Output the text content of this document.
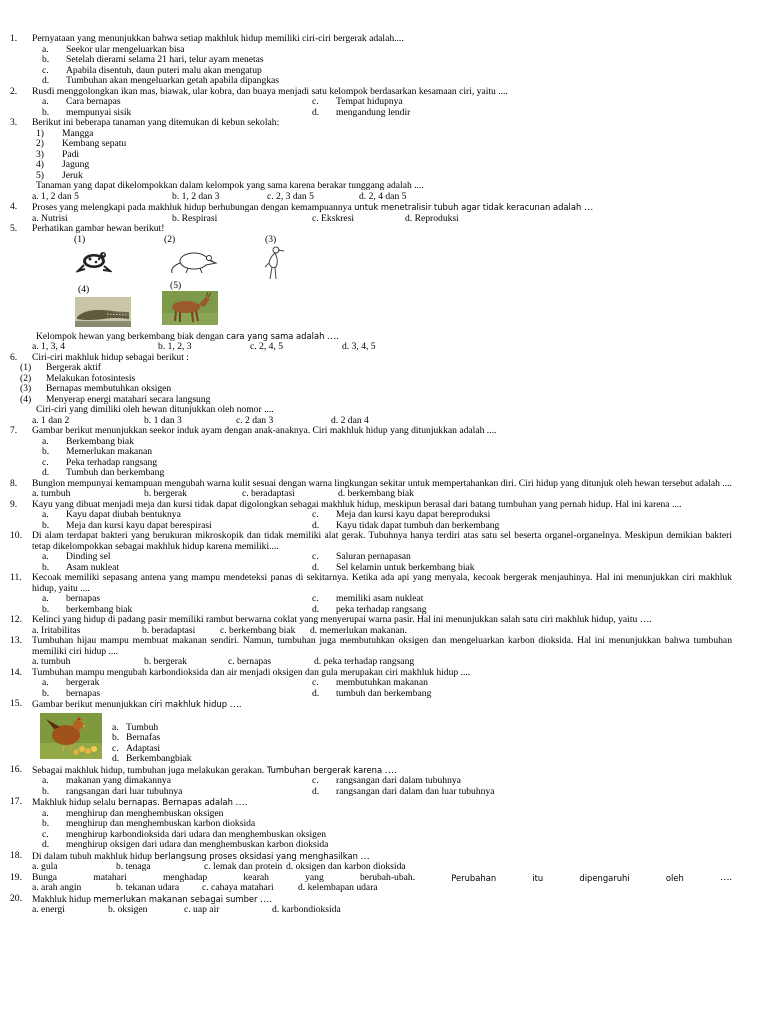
1.	Pernyataan yang menunjukkan bahwa setiap makhluk hidup memiliki ciri-ciri bergerak adalah....
a.	Seekor ular mengeluarkan bisa
b.	Setelah dierami selama 21 hari, telur ayam menetas
c.	Apabila disentuh, daun puteri malu akan mengatup
d.	Tumbuhan akan mengeluarkan getah apabila dipangkas
2.	Rusdi menggolongkan ikan mas, biawak, ular kobra, dan buaya menjadi satu kelompok berdasarkan kesamaan ciri, yaitu ....
a.	Cara bernapas	c.	Tempat hidupnya
b.	mempunyai sisik	d.	mengandung lendir
3.	Berikut ini beberapa tanaman yang ditemukan di kebun sekolah:
1)	Mangga
2)	Kembang sepatu
3)	Padi
4)	Jagung
5)	Jeruk
Tanaman yang dapat dikelompokkan dalam kelompok yang sama karena berakar tunggang adalah ....
a. 1, 2 dan 5	b. 1, 2 dan 3	c. 2, 3 dan 5	d. 2, 4 dan 5
4.	Proses yang melengkapi pada makhluk hidup berhubungan dengan kemampuannya untuk menetralisir tubuh agar tidak keracunan adalah …
a. Nutrisi	b. Respirasi	c. Ekskresi	d. Reproduksi
5.	Perhatikan gambar hewan berikut!
(1)	(2)	(3)
(4)	(5)
Kelompok hewan yang berkembang biak dengan cara yang sama adalah ….
a. 1, 3, 4	b. 1, 2, 3	c. 2, 4, 5	d. 3, 4, 5
6.	Ciri-ciri makhluk hidup sebagai berikut :
(1)	Bergerak aktif
(2)	Melakukan fotosintesis
(3)	Bernapas membutuhkan oksigen
(4)	Menyerap energi matahari secara langsung
Ciri-ciri yang dimiliki oleh hewan ditunjukkan oleh nomor ....
a. 1 dan 2	b. 1 dan 3	c. 2 dan 3	d. 2 dan 4
7.	Gambar berikut menunjukkan seekor induk ayam dengan anak-anaknya. Ciri makhluk hidup yang ditunjukkan adalah ....
a.	Berkembang biak
b.	Memerlukan makanan
c.	Peka terhadap rangsang
d.	Tumbuh dan berkembang
8.	Bunglon mempunyai kemampuan mengubah warna kulit sesuai dengan warna lingkungan sekitar untuk mempertahankan diri. Ciri hidup yang ditunjuk oleh hewan tersebut adalah ....
a. tumbuh	b. bergerak	c. beradaptasi	d. berkembang biak
9.	Kayu yang dibuat menjadi meja dan kursi tidak dapat digolongkan sebagai makhluk hidup, meskipun berasal dari batang tumbuhan yang pernah hidup. Hal ini karena ....
a.	Kayu dapat diubah bentuknya	c.	Meja dan kursi kayu dapat bereproduksi
b.	Meja dan kursi kayu dapat berespirasi	d.	Kayu tidak dapat tumbuh dan berkembang
10.	Di alam terdapat bakteri yang berukuran mikroskopik dan tidak memiliki alat gerak. Tubuhnya hanya terdiri atas satu sel beserta organel-organelnya. Meskipun demikian bakteri tetap dikelompokkan sebagai makhluk hidup karena memiliki....
a.	Dinding sel	c.	Saluran pernapasan
b.	Asam nukleat	d.	Sel kelamin untuk berkembang biak
11.	Kecoak memiliki sepasang antena yang mampu mendeteksi panas di sekitarnya. Ketika ada api yang menyala, kecoak bergerak menjauhinya. Hal ini menunjukkan ciri makhluk hidup, yaitu ....
a.	bernapas	c.	memiliki asam nukleat
b.	berkembang biak	d.	peka terhadap rangsang
12.	Kelinci yang hidup di padang pasir memiliki rambut berwarna coklat yang menyerupai warna pasir. Hal ini menunjukkan salah satu ciri makhluk hidup, yaitu ….
a. Iritabilitas	b. beradaptasi	c. berkembang biak	d. memerlukan makanan.
13.	Tumbuhan hijau mampu membuat makanan sendiri. Namun, tumbuhan juga membutuhkan oksigen dan mengeluarkan karbon dioksida. Hal ini menunjukkan bahwa tumbuhan memiliki ciri hidup ....
a. tumbuh	b. bergerak	c. bernapas	d. peka terhadap rangsang
14.	Tumbuhan mampu mengubah karbondioksida dan air menjadi oksigen dan gula merupakan ciri makhluk hidup ....
a.	bergerak	c.	membutuhkan makanan
b.	bernapas	d.	tumbuh dan berkembang
15.	Gambar berikut menunjukkan ciri makhluk hidup ….
a. Tumbuh
b. Bernafas
c. Adaptasi
d. Berkembangbiak
16.	Sebagai makhluk hidup, tumbuhan juga melakukan gerakan. Tumbuhan bergerak karena ….
a.	makanan yang dimakannya	c.	rangsangan dari dalam tubuhnya
b.	rangsangan dari luar tubuhnya	d.	rangsangan dari dalam dan luar tubuhnya
17.	Makhluk hidup selalu bernapas. Bernapas adalah ….
a.	menghirup dan menghembuskan oksigen
b.	menghirup dan menghembuskan karbon dioksida
c.	menghirup karbondioksida dari udara dan menghembuskan oksigen
d.	menghirup oksigen dari udara dan menghembuskan karbon dioksida
18.	Di dalam tubuh makhluk hidup berlangsung proses oksidasi yang menghasilkan …
a. gula	b. tenaga	c. lemak dan protein d. oksigen dan karbon dioksida
19.	Bunga	matahari	menghadap	kearah	yang	berubah-ubah.	Perubahan	itu	dipengaruhi	oleh	….
a. arah angin	b. tekanan udara	c. cahaya matahari	d. kelembapan udara
20.	Makhluk hidup memerlukan makanan sebagai sumber ….
a. energi	b. oksigen	c. uap air	d. karbondioksida
